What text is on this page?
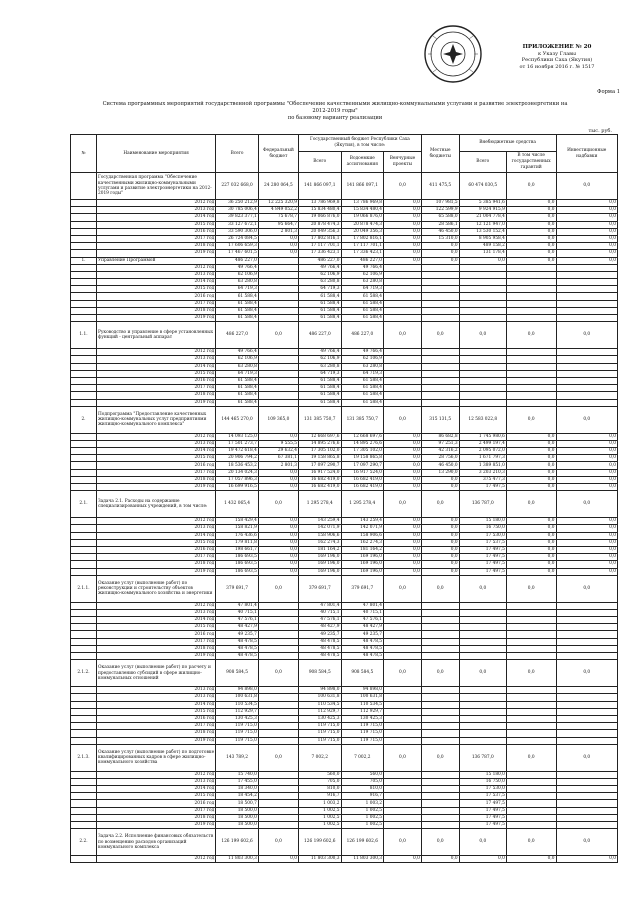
ПРИЛОЖЕНИЕ № 20
к Указу Главы
Республики Саха (Якутия)
от 16 ноября 2016 г. № 1517
Форма 1
Система программных мероприятий государственной программы "Обеспечение качественными жилищно-коммунальными услугами и развитие электроэнергетики на 2012-2019 годы"
по базовому варианту реализации
тыс. руб.
№	Наименование мероприятия	Всего	Федеральный бюджет	Государственный бюджет Республики Саха (Якутия), в том числе:			Местные бюджеты	Внебюджетные средства		Инвестиционные надбавки
				Всего	Водоемкие ассигнования	Венчурные проекты		Всего	В том числе государственных гарантий	
	Государственная программа "Обеспечение качественными жилищно-коммунальными услугами и развитие электроэнергетики на 2012-2019 годы"	227 032 668,0	24 280 064,5	141 866 097,1	141 866 097,1	0,0	411 475,5	60 474 030,5	0,0	0,0
	2012 год	36 250 212,9	12 225 320,9	13 786 969,8	13 786 969,8	0,0	107 981,5	5 385 941,6	0,0	0,0
	2013 год	30 785 006,4	4 849 052,2	15 834 480,4	15 834 480,4	0,0	122 599,9	9 924 915,9	0,0	0,0
	2014 год	39 823 377,1	75 678,7	19 066 876,0	19 066 876,0	0,0	65 588,0	21 004 778,4	0,0	0,0
	2015 год	33 127 672,1	95 664,7	20 878 474,3	20 878 474,3	0,0	28 586,1	12 121 947,0	0,0	0,0
	2016 год	33 590 306,0	2 801,3	20 049 356,3	20 049 356,3	0,0	46 450,0	13 530 152,4	0,0	0,0
	2017 год	26 724 084,5	0,0	17 802 816,1	17 802 816,1	0,0	15 310,0	8 905 958,4	0,0	0,0
	2018 год	17 606 659,3	0,0	17 117 701,1	17 117 701,1	0,0	0,0	489 158,2	0,0	0,0
	2019 год	17 467 601,5	0,0	17 336 423,1	17 336 423,1	0,0	0,0	131 178,4	0,0	0,0
1.	Управление Программой	486 227,0		486 227,0	486 227,0	0,0	0,0	0,0	0,0	0,0
	2012 год	49 766,4		49 766,4	49 766,4					
	2013 год	62 106,9		62 106,9	62 106,9					
	2014 год	63 280,8		63 280,8	63 280,8					
	2015 год	64 719,3		64 719,3	64 719,3					
	2016 год	61 588,4		61 588,4	61 588,4					
	2017 год	61 588,4		61 588,4	61 588,4					
	2018 год	61 588,4		61 588,4	61 588,4					
	2019 год	61 588,4		61 588,4	61 588,4					
1.1.	Руководство и управление в сфере установленных функций - центральный аппарат	486 227,0	0,0	486 227,0	486 227,0	0,0	0,0	0,0	0,0	0,0
	2012 год	49 766,4		49 766,4	49 766,4					
	2013 год	62 106,9		62 106,9	62 106,9					
	2014 год	63 280,8		63 280,8	63 280,8					
	2015 год	64 719,3		64 719,3	64 719,3					
	2016 год	61 588,4		61 588,4	61 588,4					
	2017 год	61 588,4		61 588,4	61 588,4					
	2018 год	61 588,4		61 588,4	61 588,4					
	2019 год	61 588,4		61 588,4	61 588,4					
2.	Подпрограмма "Предоставление качественных жилищно-коммунальных услуг предприятиями жилищно-коммунального комплекса"	144 465 270,0	109 365,0	131 385 750,7	131 385 750,7	0,0	315 131,5	12 583 022,8	0,0	0,0
	2012 год	14 093 125,0	0,0	12 668 697,6	12 668 697,6	0,0	86 682,8	1 745 980,6	0,0	0,0
	2013 год	17 501 273,7	9 555,5	14 895 276,6	14 895 276,6	0,0	97 251,3	2 499 197,4	0,0	0,0
	2014 год	19 472 618,4	29 632,4	17 305 102,0	17 305 102,0	0,0	42 316,2	2 095 072,0	0,0	0,0
	2015 год	20 906 794,2	67 381,1	19 158 865,8	19 158 865,8	0,0	28 756,0	1 671 797,3	0,0	0,0
	2016 год	18 536 453,2	2 801,3	17 097 290,7	17 097 290,7	0,0	46 450,0	1 389 851,0	0,0	0,0
	2017 год	20 134 024,3	0,0	16 917 524,0	16 917 524,0	0,0	13 290,0	3 203 210,3	0,0	0,0
	2018 год	17 057 896,3	0,0	16 682 419,0	16 682 419,0	0,0	0,0	375 477,3	0,0	0,0
	2019 год	16 699 916,5	0,0	16 682 419,0	16 682 419,0	0,0	0,0	17 497,5	0,0	0,0
2.1.	Задача 2.1. Расходы на содержание специализированных учреждений, в том числе:	1 432 065,4	0,0	1 295 278,4	1 295 278,4	0,0	0,0	136 787,0	0,0	0,0
	2012 год	158 429,4	0,0	143 259,4	143 259,4	0,0	0,0	15 180,0	0,0	0,0
	2013 год	158 821,9	0,0	142 071,9	142 071,9	0,0	0,0	16 750,0	0,0	0,0
	2014 год	176 436,6	0,0	158 906,6	158 906,6	0,0	0,0	17 530,0	0,0	0,0
	2015 год	179 811,8	0,0	162 274,3	162 274,3	0,0	0,0	17 537,5	0,0	0,0
	2016 год	198 661,7	0,0	181 164,2	181 164,2	0,0	0,0	17 497,5	0,0	0,0
	2017 год	186 693,5	0,0	169 196,0	169 196,0	0,0	0,0	17 497,5	0,0	0,0
	2018 год	186 693,5	0,0	169 196,0	169 196,0	0,0	0,0	17 497,5	0,0	0,0
	2019 год	186 693,5	0,0	169 196,0	169 196,0	0,0	0,0	17 497,5	0,0	0,0
2.1.1.	Оказание услуг (выполнение работ) по реконструкции и строительству объектов жилищно-коммунального хозяйства и энергетики	379 691,7	0,0	379 691,7	379 691,7	0,0	0,0	0,0	0,0	0,0
	2012 год	47 801,4		47 801,4	47 801,4					
	2013 год	40 715,1		40 715,1	40 715,1					
	2014 год	47 576,1		47 576,1	47 576,1					
	2015 год	48 427,9		48 427,9	48 427,9					
	2016 год	49 235,7		49 235,7	49 235,7					
	2017 год	48 478,5		48 478,5	48 478,5					
	2018 год	48 478,5		48 478,5	48 478,5					
	2019 год	48 478,5		48 478,5	48 478,5					
2.1.2.	Оказание услуг (выполнение работ) по расчету и предоставлению субсидий в сфере жилищно-коммунальных отношений	908 584,5	0,0	908 584,5	908 584,5	0,0	0,0	0,0	0,0	0,0
	2013 год	94 898,0		94 898,0	94 898,0					
	2013 год	100 631,8		100 631,8	100 631,8					
	2014 год	110 534,5		110 534,5	110 534,5					
	2015 год	112 929,7		112 929,7	112 929,7					
	2016 год	130 425,3		130 425,3	130 425,3					
	2017 год	119 715,0		119 715,0	119 715,0					
	2018 год	119 715,0		119 715,0	119 715,0					
	2019 год	119 715,0		119 715,0	119 715,0					
2.1.3.	Оказание услуг (выполнение работ) по подготовке квалифицированных кадров в сфере жилищно-коммунального хозяйства	143 789,2	0,0	7 002,2	7 002,2	0,0	0,0	136 787,0	0,0	0,0
	2012 год	15 740,0		560,0	560,0			15 180,0		
	2013 год	17 455,0		705,0	705,0			16 750,0		
	2014 год	18 340,0		810,0	810,0			17 530,0		
	2015 год	18 454,2		916,7	916,7			17 537,5		
	2016 год	18 500,7		1 003,2	1 003,2			17 497,5		
	2017 год	18 500,0		1 002,5	1 002,5			17 497,5		
	2018 год	18 500,0		1 002,5	1 002,5			17 497,5		
	2019 год	18 500,0		1 002,5	1 002,5			17 497,5		
2.2.	Задача 2.2. Исполнение финансовых обязательств по возмещению расходов организаций коммунального комплекса	126 199 602,6	0,0	126 199 602,6	126 199 602,6	0,0	0,0	0,0	0,0	0,0
	2012 год	11 803 300,3	0,0	11 803 300,3	11 803 300,3	0,0	0,0	0,0	0,0	0,0
